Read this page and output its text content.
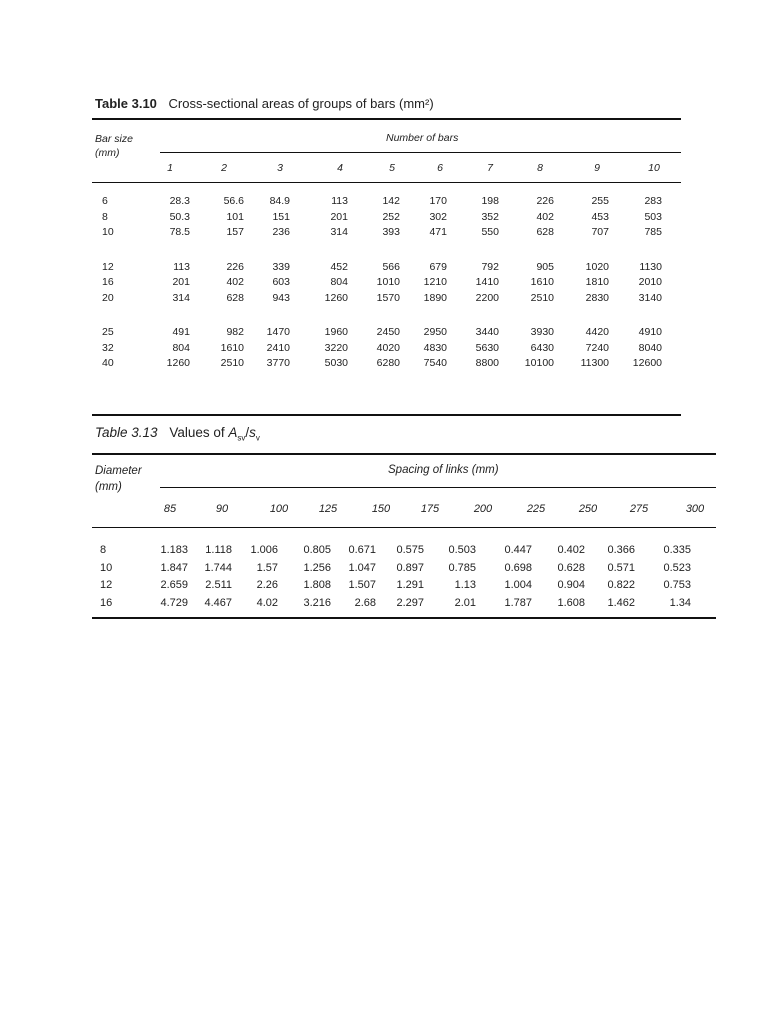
Table 3.10 Cross-sectional areas of groups of bars (mm²)
Bar size
(mm)
Number of bars
1	2	3	4	5	6	7	8	9	10
6	28.3	56.6 84.9	113	142	170	198	226	255	283
8	50.3	101	151	201	252	302	352	402	453	503
10	78.5	157	236	314	393	471	550	628	707	785
12	113	226	339	452	566	679	792	905	1020	1130
16	201	402	603	804	1010 1210	1410	1610	1810	2010
20	314	628	943	1260	1570 1890	2200	2510	2830	3140
25	491	982 1470	1960	2450 2950	3440	3930	4420	4910
32	804	1610 2410	3220	4020 4830	5630	6430	7240	8040
40	1260	2510 3770	5030	6280 7540	8800 10100	11300 12600
Table 3.13 Values of $A_{sv}/s_v$
Diameter
(mm)
Spacing of links (mm)
85	90	100	125	150	175	200	225	250	275	300
8	1.183 1.118 1.006 0.805 0.671 0.575 0.503	0.447 0.402 0.366	0.335
10	1.847 1.744 1.57 1.256 1.047 0.897 0.785	0.698 0.628 0.571	0.523
12	2.659 2.511 2.26 1.808 1.507 1.291	1.13	1.004 0.904 0.822	0.753
16	4.729 4.467 4.02 3.216 2.68 2.297	2.01	1.787 1.608 1.462	1.34
